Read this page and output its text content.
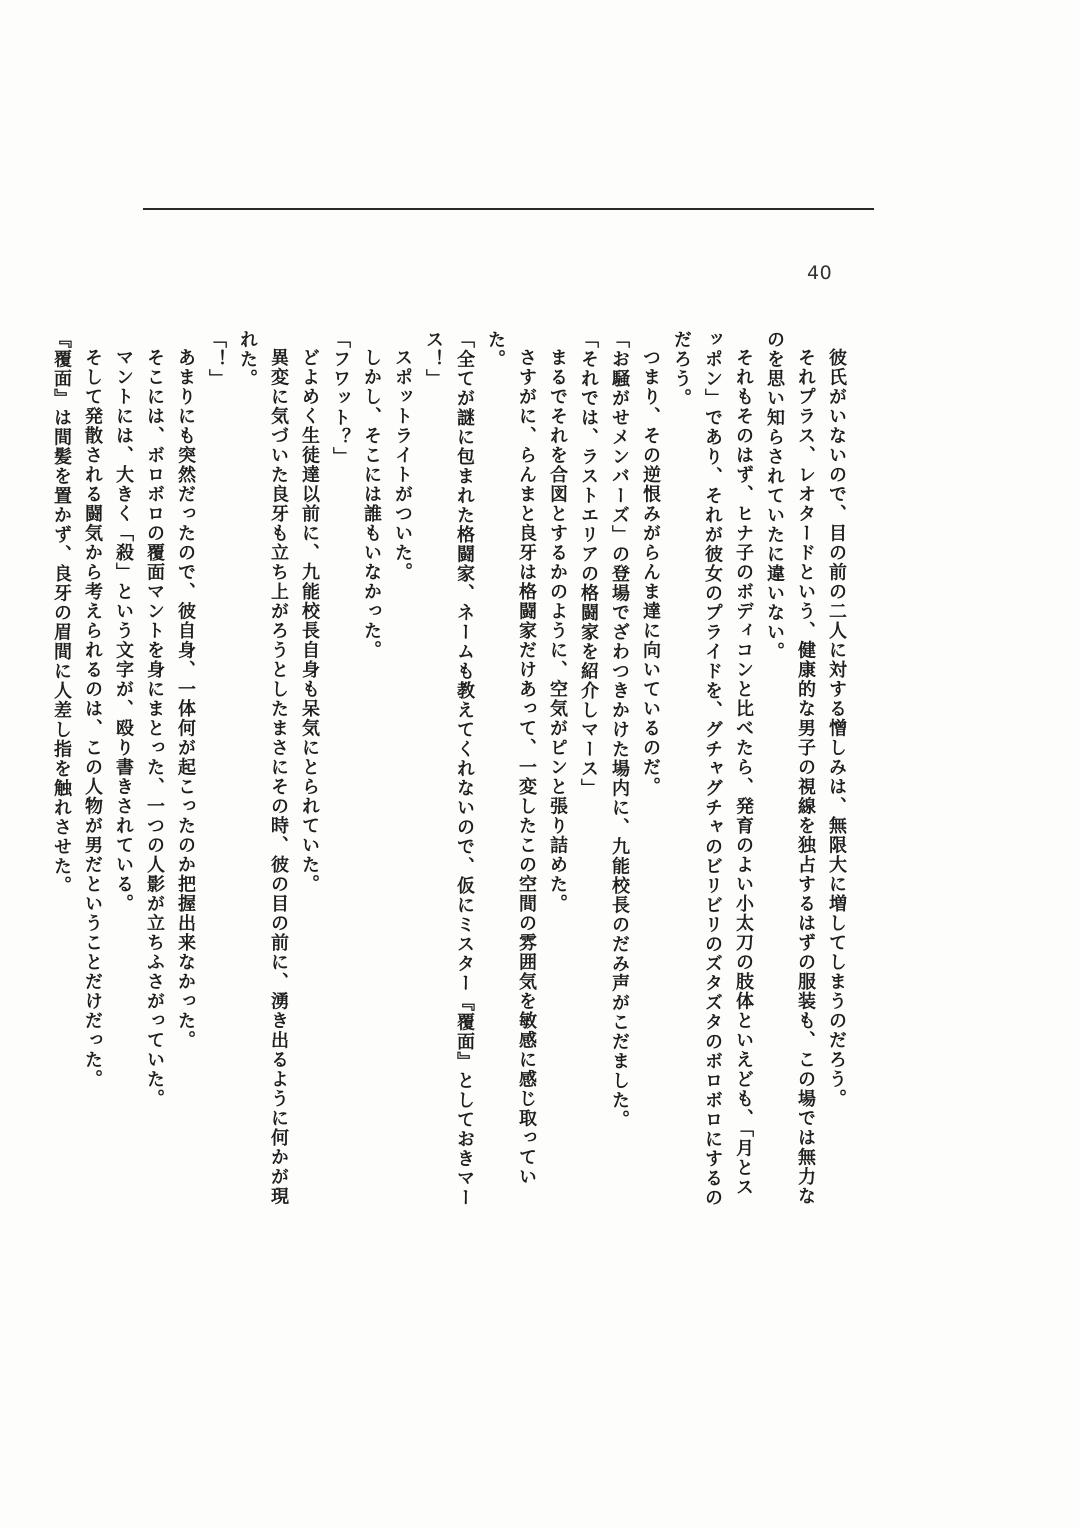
40

彼氏がいないので、目の前の二人に対する憎しみは、無限大に増してしまうのだろう。

それプラス、レオタードという、健康的な男子の視線を独占するはずの服装も、この場では無力なのを思い知らされていたに違いない。

それもそのはず、ヒナ子のボディコンと比べたら、発育のよい小太刀の肢体といえども、「月とスッポン」であり、それが彼女のプライドを、グチャグチャのビリビリのズタズタのボロボロにするのだろう。

つまり、その逆恨みがらんま達に向いているのだ。

「お騒がせメンバーズ」の登場でざわつきかけた場内に、九能校長のだみ声がこだました。

「それでは、ラストエリアの格闘家を紹介しマース」

まるでそれを合図とするかのように、空気がピンと張り詰めた。

さすがに、らんまと良牙は格闘家だけあって、一変したこの空間の雰囲気を敏感に感じ取っていた。

「全てが謎に包まれた格闘家、ネームも教えてくれないので、仮にミスター『覆面』としておきマース！」

スポットライトがついた。

しかし、そこには誰もいなかった。

「フワット？」

どよめく生徒達以前に、九能校長自身も呆気にとられていた。

異変に気づいた良牙も立ち上がろうとしたまさにその時、彼の目の前に、湧き出るように何かが現れた。

「！」

あまりにも突然だったので、彼自身、一体何が起こったのか把握出来なかった。

そこには、ボロボロの覆面マントを身にまとった、一つの人影が立ちふさがっていた。

マントには、大きく「殺」という文字が、殴り書きされている。

そして発散される闘気から考えられるのは、この人物が男だということだけだった。

『覆面』は間髪を置かず、良牙の眉間に人差し指を触れさせた。
